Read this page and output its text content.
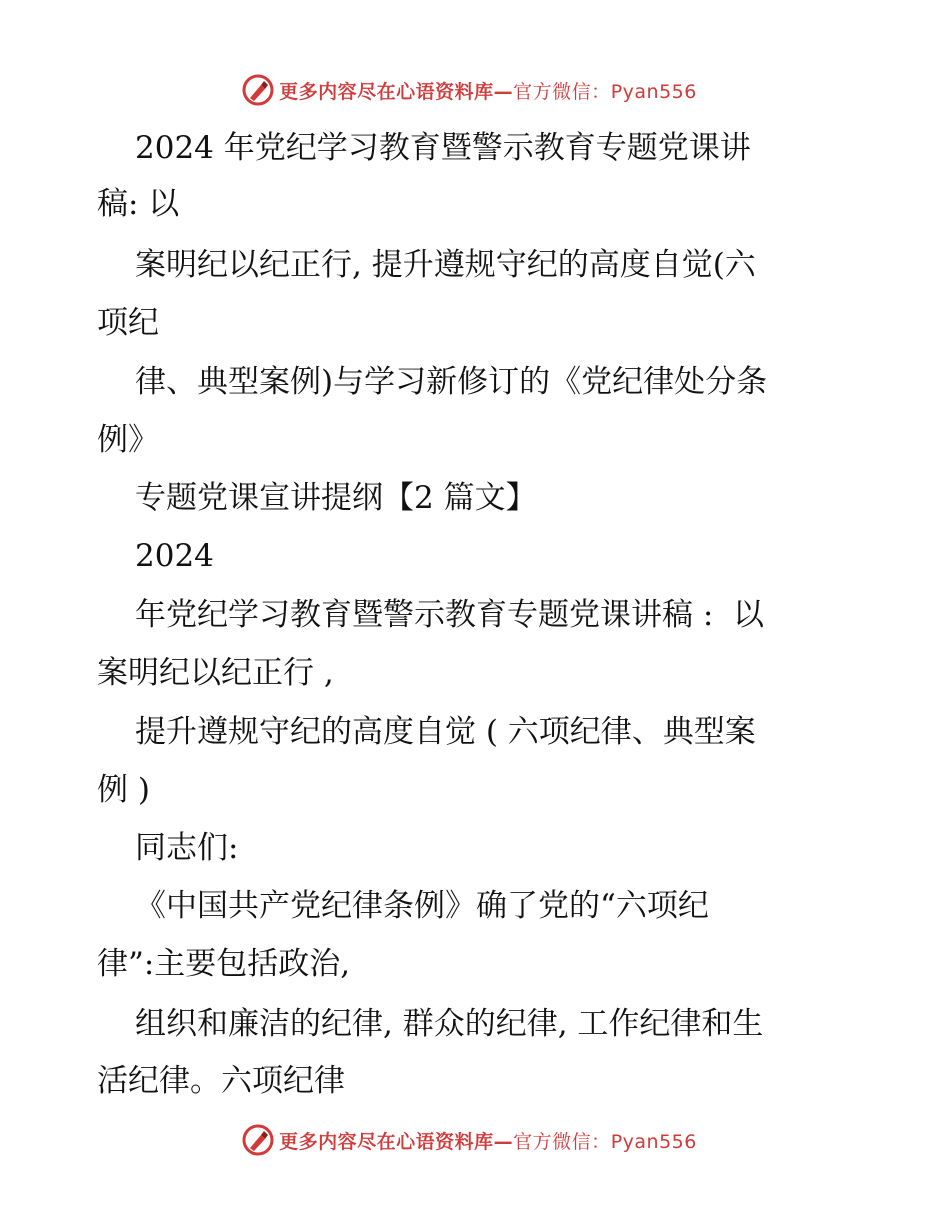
更多内容尽在心语资料库—官方微信：Pyan556
2024 年党纪学习教育暨警示教育专题党课讲
稿: 以
案明纪以纪正行, 提升遵规守纪的高度自觉(六
项纪
律、典型案例)与学习新修订的《党纪律处分条
例》
专题党课宣讲提纲【2 篇文】
2024
年党纪学习教育暨警示教育专题党课讲稿 :  以
案明纪以纪正行 ,
提升遵规守纪的高度自觉 ( 六项纪律、典型案
例 )
同志们:
《中国共产党纪律条例》确了党的“六项纪
律”:主要包括政治,
组织和廉洁的纪律, 群众的纪律, 工作纪律和生
活纪律。六项纪律
更多内容尽在心语资料库—官方微信：Pyan556
